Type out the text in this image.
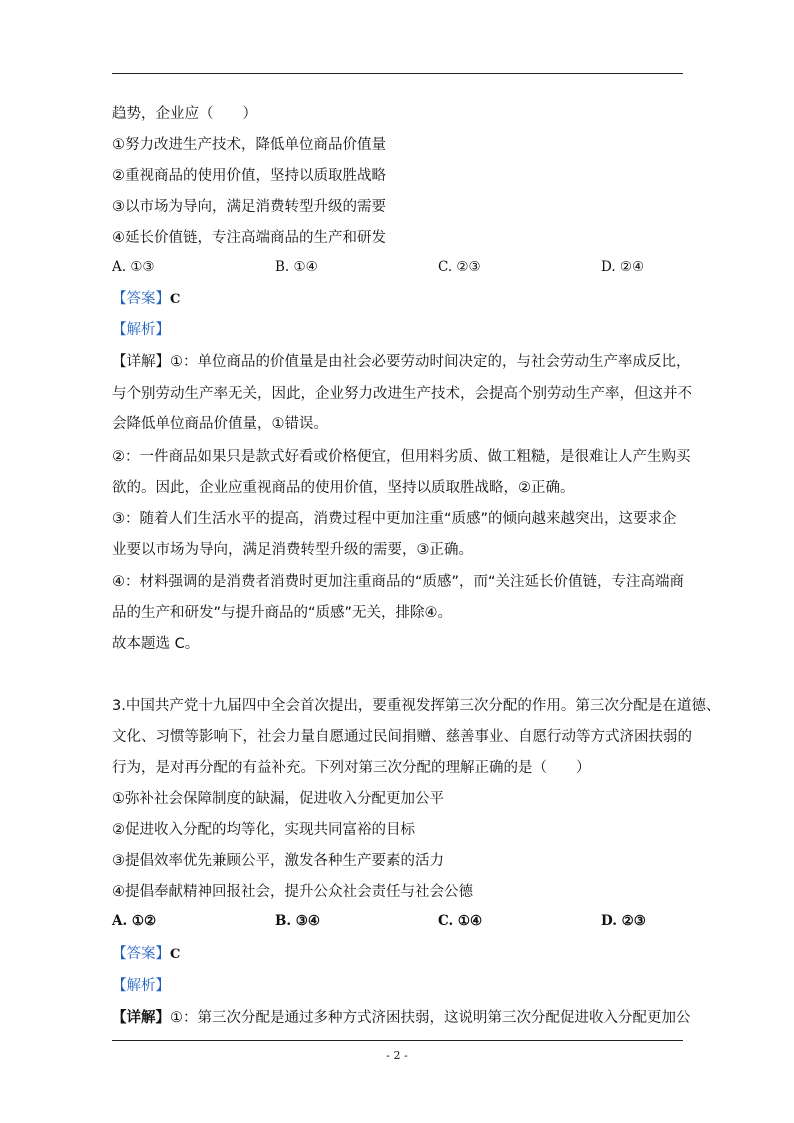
趋势，企业应（　　）
①努力改进生产技术，降低单位商品价值量
②重视商品的使用价值，坚持以质取胜战略
③以市场为导向，满足消费转型升级的需要
④延长价值链，专注高端商品的生产和研发
A. ①③	B. ①④	C. ②③	D. ②④
【答案】C
【解析】
【详解】①：单位商品的价值量是由社会必要劳动时间决定的，与社会劳动生产率成反比，
与个别劳动生产率无关，因此，企业努力改进生产技术，会提高个别劳动生产率，但这并不
会降低单位商品价值量，①错误。
②：一件商品如果只是款式好看或价格便宜，但用料劣质、做工粗糙，是很难让人产生购买
欲的。因此，企业应重视商品的使用价值，坚持以质取胜战略，②正确。
③：随着人们生活水平的提高，消费过程中更加注重“质感”的倾向越来越突出，这要求企
业要以市场为导向，满足消费转型升级的需要，③正确。
④：材料强调的是消费者消费时更加注重商品的“质感”，而“关注延长价值链，专注高端商
品的生产和研发”与提升商品的“质感”无关，排除④。
故本题选 C。
3.中国共产党十九届四中全会首次提出，要重视发挥第三次分配的作用。第三次分配是在道德、
文化、习惯等影响下，社会力量自愿通过民间捐赠、慈善事业、自愿行动等方式济困扶弱的
行为，是对再分配的有益补充。下列对第三次分配的理解正确的是（　　）
①弥补社会保障制度的缺漏，促进收入分配更加公平
②促进收入分配的均等化，实现共同富裕的目标
③提倡效率优先兼顾公平，激发各种生产要素的活力
④提倡奉献精神回报社会，提升公众社会责任与社会公德
A. ①②	B. ③④	C. ①④	D. ②③
【答案】C
【解析】
【详解】①：第三次分配是通过多种方式济困扶弱，这说明第三次分配促进收入分配更加公
- 2 -
